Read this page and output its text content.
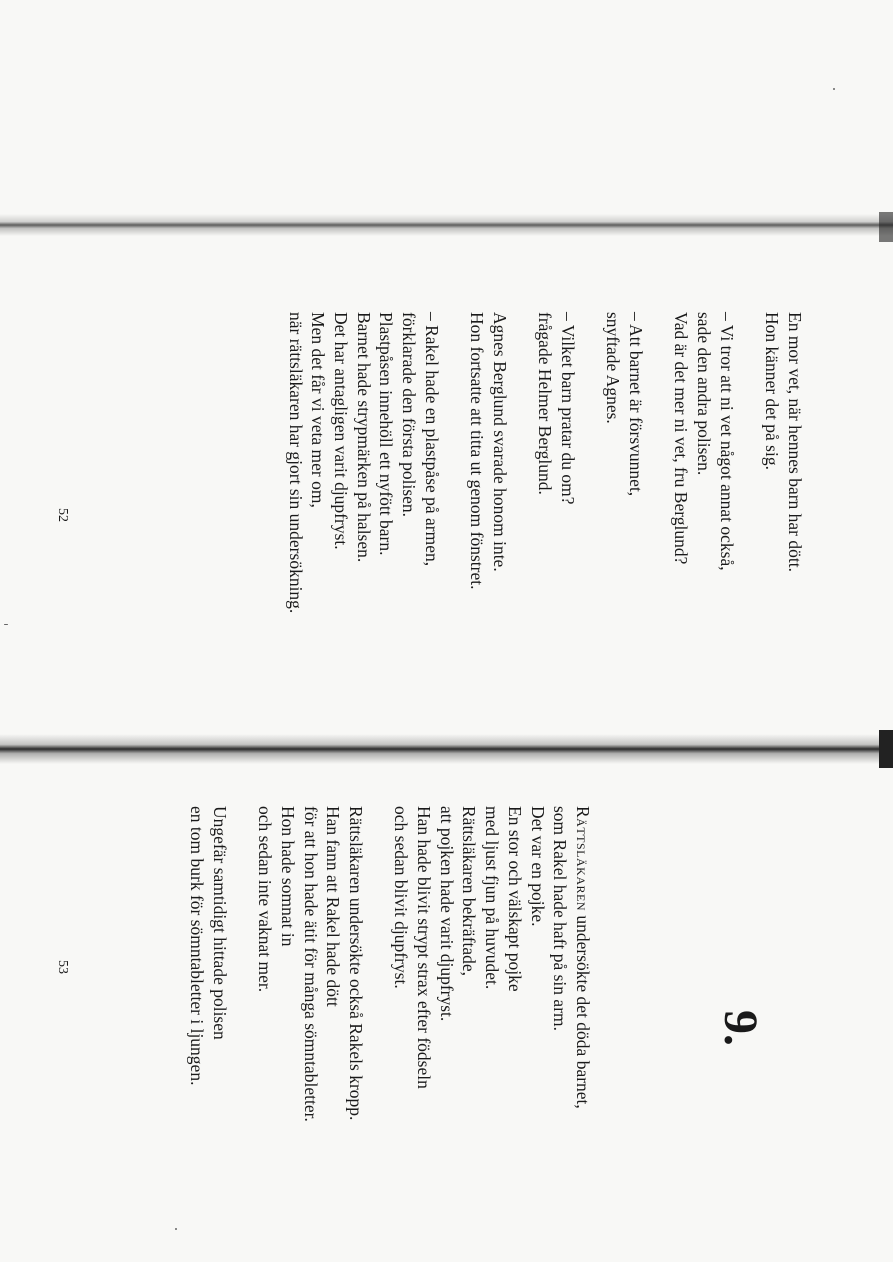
En mor vet, när hennes barn har dött.

Hon känner det på sig.

– Vi tror att ni vet något annat också,

sade den andra polisen.

Vad är det mer ni vet, fru Berglund?

– Att barnet är försvunnet,

snyftade Agnes.

– Vilket barn pratar du om?

frågade Helmer Berglund.

Agnes Berglund svarade honom inte.

Hon fortsatte att titta ut genom fönstret.

– Rakel hade en plastpåse på armen,

förklarade den första polisen.

Plastpåsen innehöll ett nyfött barn.

Barnet hade strypmärken på halsen.

Det har antagligen varit djupfryst.

Men det får vi veta mer om,

när rättsläkaren har gjort sin undersökning.

52
9.

Rättsläkaren undersökte det döda barnet,

som Rakel hade haft på sin arm.

Det var en pojke.

En stor och välskapt pojke

med ljust fjun på huvudet.

Rättsläkaren bekräftade,

att pojken hade varit djupfryst.

Han hade blivit strypt strax efter födseln

och sedan blivit djupfryst.

Rättsläkaren undersökte också Rakels kropp.

Han fann att Rakel hade dött

för att hon hade ätit för många sömntabletter.

Hon hade somnat in

och sedan inte vaknat mer.

Ungefär samtidigt hittade polisen

en tom burk för sömntabletter i ljungen.

53
